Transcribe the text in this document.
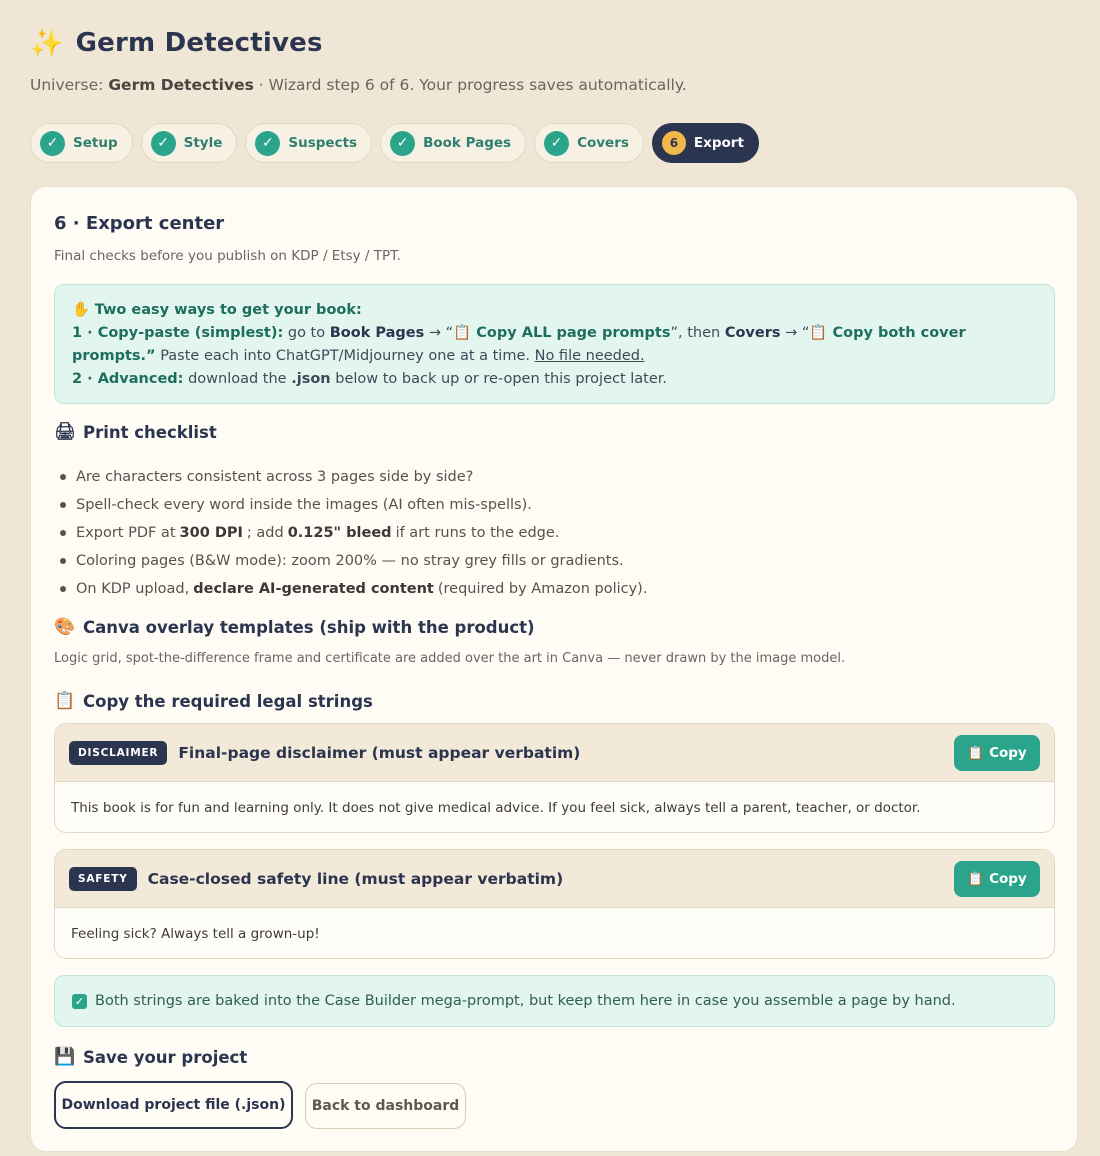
✨ Germ Detectives

Universe: Germ Detectives · Wizard step 6 of 6. Your progress saves automatically.

✓	Setup	✓	Style	✓	Suspects	✓	Book Pages	✓	Covers	6	Export
6 · Export center
Final checks before you publish on KDP / Etsy / TPT.
✋ Two easy ways to get your book:
1 · Copy-paste (simplest): go to Book Pages → “📋 Copy ALL page prompts”, then Covers → “📋 Copy both cover prompts.” Paste each into ChatGPT/Midjourney one at a time. No file needed.
2 · Advanced: download the .json below to back up or re-open this project later.
🖨 Print checklist
Are characters consistent across 3 pages side by side?
Spell-check every word inside the images (AI often mis-spells).
Export PDF at 300 DPI ; add 0.125" bleed if art runs to the edge.
Coloring pages (B&W mode): zoom 200% — no stray grey fills or gradients.
On KDP upload, declare AI-generated content (required by Amazon policy).
🎨 Canva overlay templates (ship with the product)
Logic grid, spot-the-difference frame and certificate are added over the art in Canva — never drawn by the image model.
📋 Copy the required legal strings
DISCLAIMER	Final-page disclaimer (must appear verbatim)	📋 Copy
This book is for fun and learning only. It does not give medical advice. If you feel sick, always tell a parent, teacher, or doctor.
SAFETY	Case-closed safety line (must appear verbatim)	📋 Copy
Feeling sick? Always tell a grown-up!
✓ Both strings are baked into the Case Builder mega-prompt, but keep them here in case you assemble a page by hand.
💾 Save your project
Download project file (.json)	Back to dashboard
